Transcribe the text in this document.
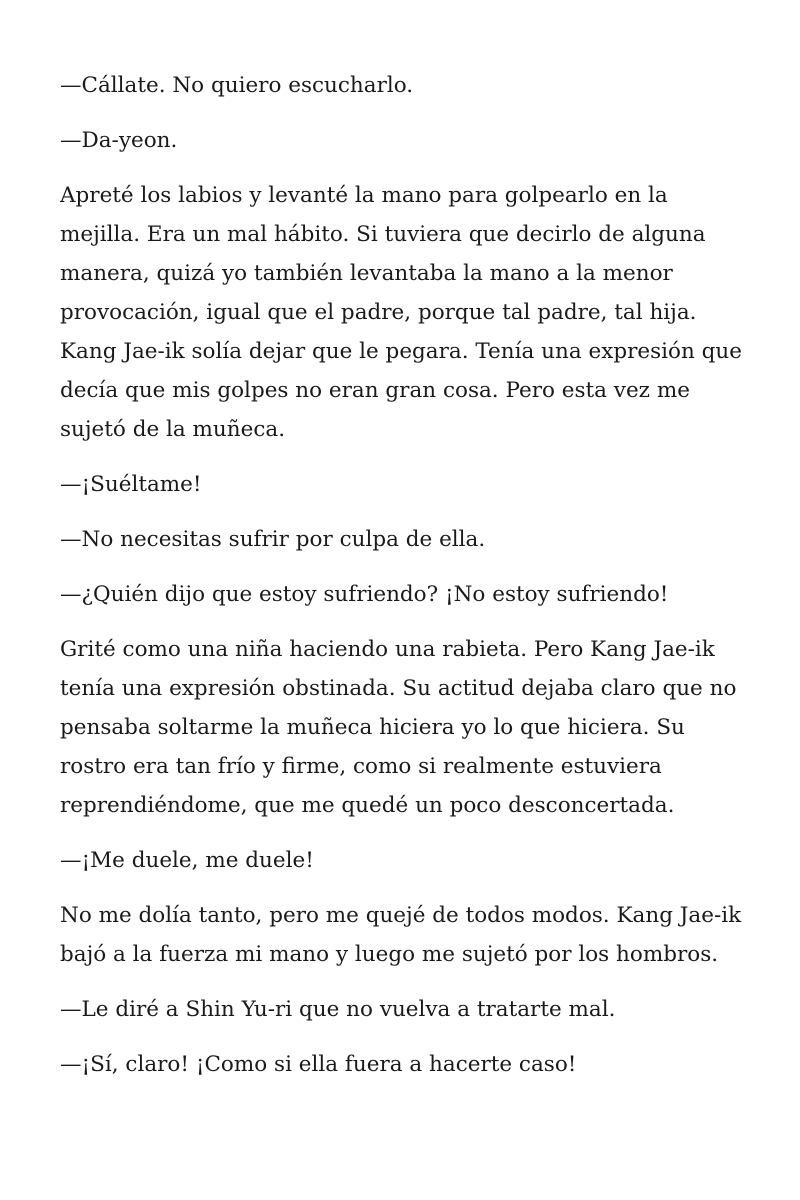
—Cállate. No quiero escucharlo.

—Da-yeon.

Apreté los labios y levanté la mano para golpearlo en la mejilla. Era un mal hábito. Si tuviera que decirlo de alguna manera, quizá yo también levantaba la mano a la menor provocación, igual que el padre, porque tal padre, tal hija. Kang Jae-ik solía dejar que le pegara. Tenía una expresión que decía que mis golpes no eran gran cosa. Pero esta vez me sujetó de la muñeca.

—¡Suéltame!

—No necesitas sufrir por culpa de ella.

—¿Quién dijo que estoy sufriendo? ¡No estoy sufriendo!

Grité como una niña haciendo una rabieta. Pero Kang Jae-ik tenía una expresión obstinada. Su actitud dejaba claro que no pensaba soltarme la muñeca hiciera yo lo que hiciera. Su rostro era tan frío y firme, como si realmente estuviera reprendiéndome, que me quedé un poco desconcertada.

—¡Me duele, me duele!

No me dolía tanto, pero me quejé de todos modos. Kang Jae-ik bajó a la fuerza mi mano y luego me sujetó por los hombros.

—Le diré a Shin Yu-ri que no vuelva a tratarte mal.

—¡Sí, claro! ¡Como si ella fuera a hacerte caso!
